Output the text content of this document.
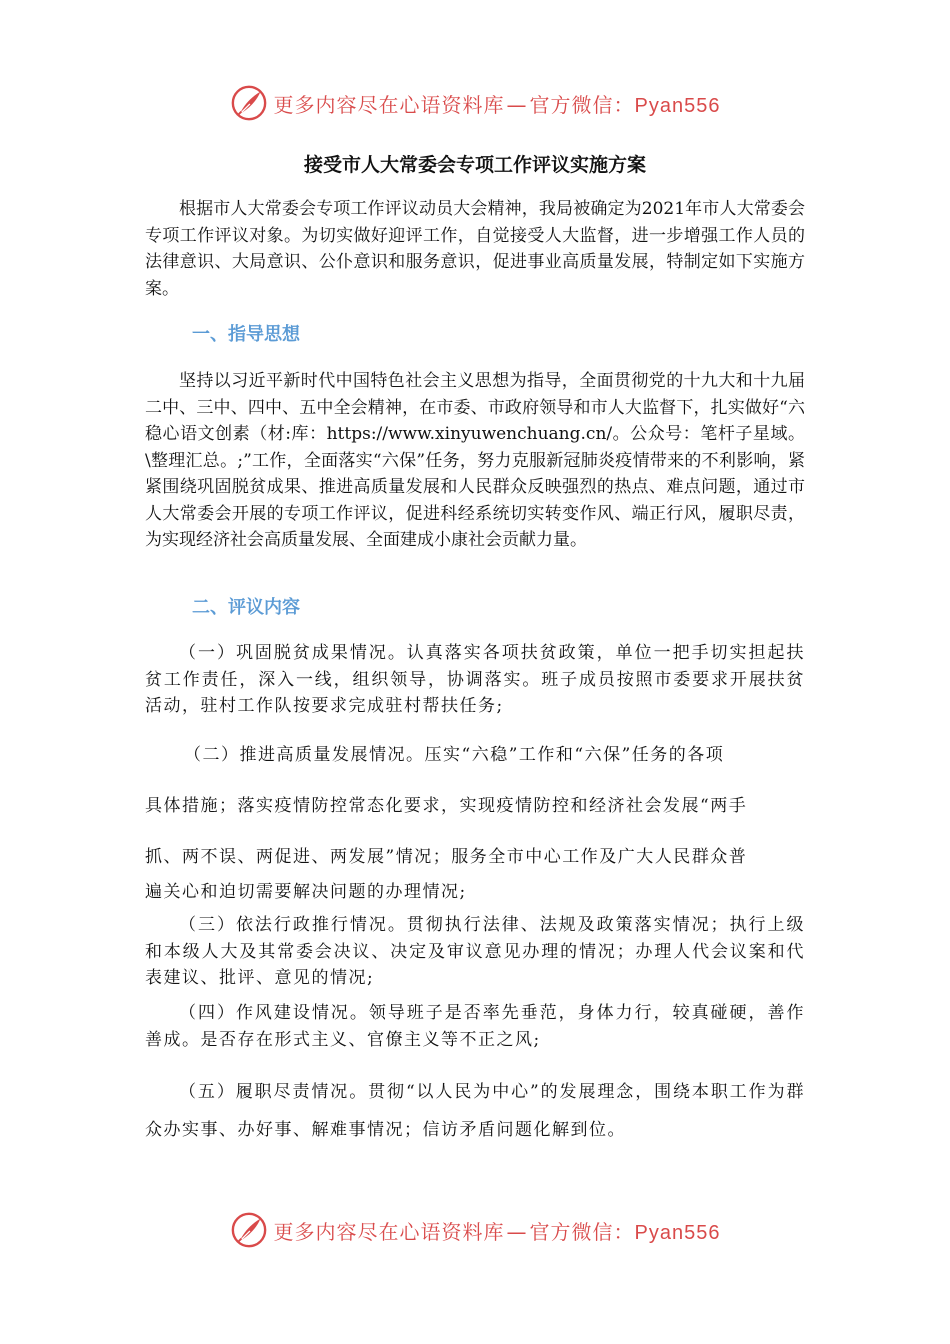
更多内容尽在心语资料库 — 官方微信：Pyan556
接受市人大常委会专项工作评议实施方案

根据市人大常委会专项工作评议动员大会精神，我局被确定为2021年市人大常委会专项工作评议对象。为切实做好迎评工作，自觉接受人大监督，进一步增强工作人员的法律意识、大局意识、公仆意识和服务意识，促进事业高质量发展，特制定如下实施方案。

一、指导思想

坚持以习近平新时代中国特色社会主义思想为指导，全面贯彻党的十九大和十九届二中、三中、四中、五中全会精神，在市委、市政府领导和市人大监督下，扎实做好“六稳心语文创素（材:库：https://www.xinyuwenchuang.cn/。公众号：笔杆子星域。\整理汇总。;”工作，全面落实“六保”任务，努力克服新冠肺炎疫情带来的不利影响，紧紧围绕巩固脱贫成果、推进高质量发展和人民群众反映强烈的热点、难点问题，通过市人大常委会开展的专项工作评议，促进科经系统切实转变作风、端正行风，履职尽责，为实现经济社会高质量发展、全面建成小康社会贡献力量。

二、评议内容

（一）巩固脱贫成果情况。认真落实各项扶贫政策，单位一把手切实担起扶贫工作责任，深入一线，组织领导，协调落实。班子成员按照市委要求开展扶贫活动，驻村工作队按要求完成驻村帮扶任务;

（二）推进高质量发展情况。压实“六稳”工作和“六保”任务的各项
具体措施；落实疫情防控常态化要求，实现疫情防控和经济社会发展“两手
抓、两不误、两促进、两发展”情况；服务全市中心工作及广大人民群众普
遍关心和迫切需要解决问题的办理情况;

（三）依法行政推行情况。贯彻执行法律、法规及政策落实情况；执行上级和本级人大及其常委会决议、决定及审议意见办理的情况；办理人代会议案和代表建议、批评、意见的情况;

（四）作风建设情况。领导班子是否率先垂范，身体力行，较真碰硬，善作善成。是否存在形式主义、官僚主义等不正之风;

（五）履职尽责情况。贯彻“以人民为中心”的发展理念，围绕本职工作为群众办实事、办好事、解难事情况；信访矛盾问题化解到位。

更多内容尽在心语资料库 — 官方微信：Pyan556
